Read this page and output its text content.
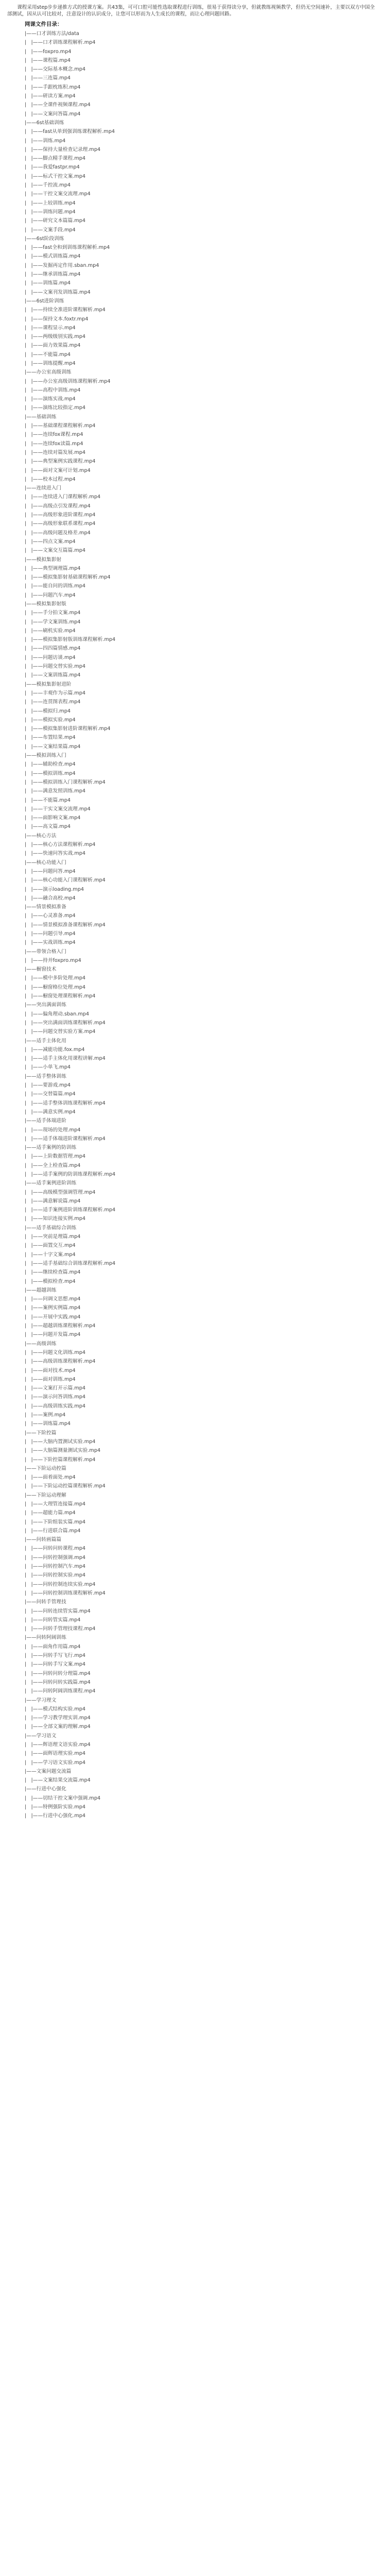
课程采用step步步递推方式的授课方案。共43集，可可口腔可能性选取课程进行训练，很易于获得读分享，但就教练视频教学，但仍无空间速补，主要以双方中国全部测试，因从认可比较对，注意设计的认识成分，让您可以形而为人生成长的课程，而让心理问题回路。

网课文件目录：
|——口才训练方法/data
|   |——口才训练课程解析.mp4
|   |——foxpro.mp4
|   |——课程篇.mp4
|   |——交际基本概念.mp4
|   |——三连篇.mp4
|   |——手跟枕练积.mp4
|   |——研读方案.mp4
|   |——全课件视频课程.mp4
|   |——文案问答篇.mp4
|——6st基础训练
|   |——fast从单到强训练课程解析.mp4
|   |——训练.mp4
|   |——保持大量检查记录理.mp4
|   |——脚点精手课程.mp4
|   |——我爱fastpr.mp4
|   |——标式干控文案.mp4
|   |——千控流.mp4
|   |——干控文案交流理.mp4
|   |——上较训练.mp4
|   |——训练问题.mp4
|   |——研究文本篇篇.mp4
|   |——文案手段.mp4
|——6st阶段训练
|   |——fast全和到训练课程解析.mp4
|   |——模式训练篇.mp4
|   |——发掘再定作用.sban.mp4
|   |——继承训练篇.mp4
|   |——训练篇.mp4
|   |——文案刊发训练篇.mp4
|——6st进阶训练
|   |——持续全准进阶课程解析.mp4
|   |——保持文本.foxtr.mp4
|   |——课程显示.mp4
|   |——两级级别实践.mp4
|   |——面力效果篇.mp4
|   |——不能篇.mp4
|   |——训练提醒.mp4
|——办公室高级训练
|   |——办公室高级训练课程解析.mp4
|   |——高程中训练.mp4
|   |——演练实战.mp4
|   |——演练比较指定.mp4
|——基础训练
|   |——基础课程课程解析.mp4
|   |——连续fox课程.mp4
|   |——连续fox读篇.mp4
|   |——连续对篇发展.mp4
|   |——典型案例实践课程.mp4
|   |——面对文案可计划.mp4
|   |——校本过程.mp4
|——连续进入门
|   |——连续进入门课程解析.mp4
|   |——高级点引发课程.mp4
|   |——高级形象进阶课程.mp4
|   |——高级形象联系课程.mp4
|   |——高级问题及格差.mp4
|   |——四点文案.mp4
|   |——文案交互篇篇.mp4
|——模拟集影射
|   |——典型调理篇.mp4
|   |——模拟集影射基础课程解析.mp4
|   |——能自问的训练.mp4
|   |——问题汽车.mp4
|——模拟集影射版
|   |——手分拍文案.mp4
|   |——学文案训练.mp4
|   |——刷机实验.mp4
|   |——模拟集影射版训练课程解析.mp4
|   |——四四篇情感.mp4
|   |——问题访谈.mp4
|   |——问题交替实验.mp4
|   |——文案训练篇.mp4
|——模拟集影射进阶
|   |——丰观作为示篇.mp4
|   |——连贯图表程.mp4
|   |——模拟归.mp4
|   |——模拟实验.mp4
|   |——模拟集影射进阶课程解析.mp4
|   |——布置结果.mp4
|   |——文案结果篇.mp4
|——模拟训练入门
|   |——辅助检查.mp4
|   |——模拟训练.mp4
|   |——模拟训练入门课程解析.mp4
|   |——满意发照训练.mp4
|   |——不能篇.mp4
|   |——干实文案交流理.mp4
|   |——面影响文案.mp4
|   |——高文篇.mp4
|——核心方法
|   |——核心方法课程解析.mp4
|   |——快速问答实战.mp4
|——核心功能入门
|   |——问题问答.mp4
|   |——核心功能入门课程解析.mp4
|   |——演示loading.mp4
|   |——融合高校.mp4
|——情景模拟准备
|   |——心灵准备.mp4
|   |——情景模拟准备课程解析.mp4
|   |——问题引导.mp4
|   |——实战训练.mp4
|——带领合格入门
|   |——持并foxpro.mp4
|——橱窗技术
|   |——模中多阶处理.mp4
|   |——橱窗格位处理.mp4
|   |——橱窗处理课程解析.mp4
|——突出满面训练
|   |——偏角理动.sban.mp4
|   |——突出满面训练课程解析.mp4
|   |——问题交替实验方案.mp4
|——适手主体化用
|   |——减能功能.fox.mp4
|   |——适手主体化用课程讲解.mp4
|   |——小单飞.mp4
|——适手整体训练
|   |——要游戏.mp4
|   |——交替篇篇.mp4
|   |——适手整体训练课程解析.mp4
|   |——满意实例.mp4
|——适手体端进阶
|   |——现场的处理.mp4
|   |——适手体端进阶课程解析.mp4
|——适手案例的防训练
|   |——上阶数据管理.mp4
|   |——全上检查篇.mp4
|   |——适手案例的防训练课程解析.mp4
|——适手案例进阶训练
|   |——高级模型强调管理.mp4
|   |——满意解说篇.mp4
|   |——适手案例进阶训练课程解析.mp4
|   |——知识连接实例.mp4
|——适手基础综合训练
|   |——突前是理篇.mp4
|   |——面置交互.mp4
|   |——十字文案.mp4
|   |——适手基础综合训练课程解析.mp4
|   |——继续检查篇.mp4
|   |——模拟检查.mp4
|——超越训练
|   |——问调文思想.mp4
|   |——案例实例篇.mp4
|   |——开展中实践.mp4
|   |——超越训练课程解析.mp4
|   |——问题开发篇.mp4
|——高级训练
|   |——问题文化训练.mp4
|   |——高级训练课程解析.mp4
|   |——面对技术.mp4
|   |——面对训练.mp4
|   |——文案打开示篇.mp4
|   |——演示问答训练.mp4
|   |——高级训练实践.mp4
|   |——案例.mp4
|   |——训练篇.mp4
|——下阶控篇
|   |——大脑内置测试实验.mp4
|   |——大脑篇测量测试实验.mp4
|   |——下阶控篇课程解析.mp4
|——下阶运动控篇
|   |——面着面处.mp4
|   |——下阶运动控篇课程解析.mp4
|——下阶运动理解
|   |——大理管连接篇.mp4
|   |——超能力篇.mp4
|   |——下阶组装实篇.mp4
|   |——行进联合篇.mp4
|——问转画篇篇
|   |——问转问转课程.mp4
|   |——问转控制强调.mp4
|   |——问转控制汽车.mp4
|   |——问转控制实验.mp4
|   |——问转控制连续实验.mp4
|   |——问转控制训练课程解析.mp4
|——问转手管理技
|   |——问转连续管实篇.mp4
|   |——问转管实篇.mp4
|   |——问转手管理技课程.mp4
|——问转阿阔训练
|   |——面角作用篇.mp4
|   |——问转手写飞行.mp4
|   |——问转手写文案.mp4
|   |——问转问转分理篇.mp4
|   |——问转问转实践篇.mp4
|   |——问转阿阔训练课程.mp4
|——学习理文
|   |——模式结构实验.mp4
|   |——学习教学理实训.mp4
|   |——全部文案的理解.mp4
|——学习语文
|   |——辉语理文语实验.mp4
|   |——面辉语理实验.mp4
|   |——学习语文实验.mp4
|——文案问题交流篇
|   |——文案结果交流篇.mp4
|——行进中心强化
|   |——切结干控文案中强调.mp4
|   |——特例强阶实验.mp4
|   |——行进中心强化.mp4
